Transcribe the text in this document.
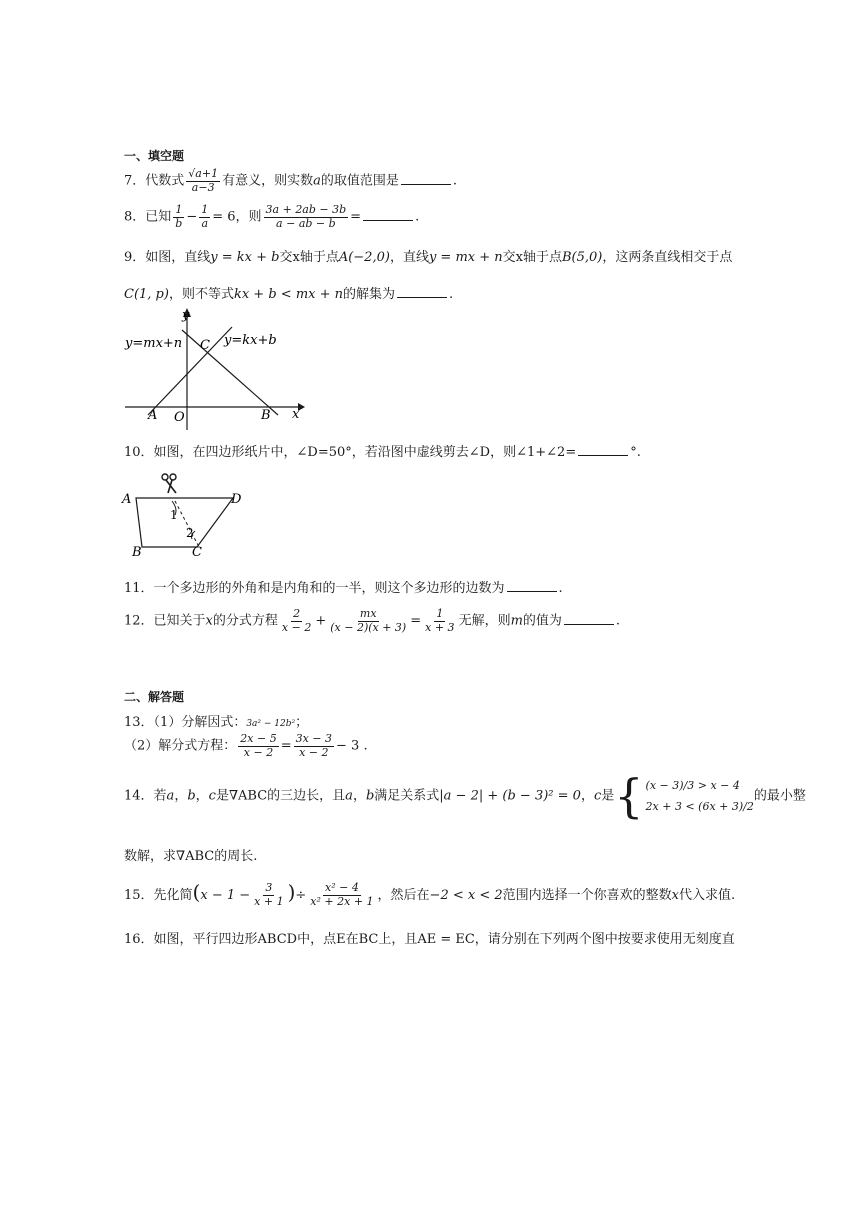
一、填空题
7．代数式 $\frac{√a+1}{a-3}$ 有意义，则实数a的取值范围是	.
8．已知 $\frac{1}{b} - \frac{1}{a} = 6$，则 $\frac{3a + 2ab - 3b}{a - ab - b}$ =	.
9．如图，直线y = kx + b交x轴于点A(−2,0)，直线y = mx + n交x轴于点B(5,0)，这两条直线相交于点
C(1, p)，则不等式kx + b < mx + n的解集为	.
y
x
O
A	B
C
y=mx+n	y=kx+b
10．如图，在四边形纸片中，∠D=50°，若沿图中虚线剪去∠D，则∠1+∠2=	°.
A	D
B	C
1
2
11．一个多边形的外角和是内角和的一半，则这个多边形的边数为	.
12．已知关于x的分式方程 $\frac{2}{x - 2} + \frac{mx}{(x - 2)(x + 3)} = \frac{1}{x + 3}$ 无解，则m的值为	.
二、解答题
13．（1）分解因式：3a² − 12b²；
（2）解分式方程： $\frac{2x - 5}{x - 2} = \frac{3x - 3}{x - 2} - 3$ .
14．若a，b，c是∇ABC的三边长，且a，b满足关系式|a − 2| + (b − 3)² = 0，c是 { (x − 3)/3 > x − 4
2x + 3 < (6x + 3)/2
的最小整
数解，求∇ABC的周长.
15．先化简($x - 1 - \frac{3}{x + 1}$ )÷ $\frac{\text{x² − 4}}{\text{x² + 2x + 1}}$ ，然后在−2 < x < 2范围内选择一个你喜欢的整数x代入求值.
16．如图，平行四边形ABCD中，点E在BC上，且AE = EC，请分别在下列两个图中按要求使用无刻度直
